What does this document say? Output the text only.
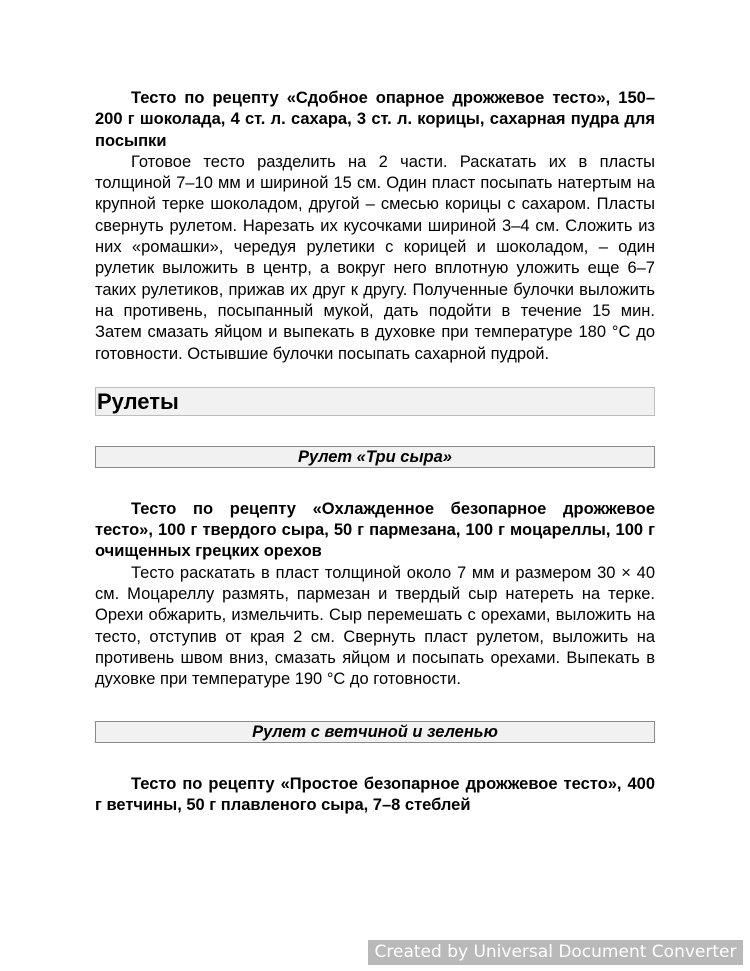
Тесто по рецепту «Сдобное опарное дрожжевое тесто», 150–200 г шоколада, 4 ст. л. сахара, 3 ст. л. корицы, сахарная пудра для посыпки

Готовое тесто разделить на 2 части. Раскатать их в пласты толщиной 7–10 мм и шириной 15 см. Один пласт посыпать натертым на крупной терке шоколадом, другой – смесью корицы с сахаром. Пласты свернуть рулетом. Нарезать их кусочками шириной 3–4 см. Сложить из них «ромашки», чередуя рулетики с корицей и шоколадом, – один рулетик выложить в центр, а вокруг него вплотную уложить еще 6–7 таких рулетиков, прижав их друг к другу. Полученные булочки выложить на противень, посыпанный мукой, дать подойти в течение 15 мин. Затем смазать яйцом и выпекать в духовке при температуре 180 °C до готовности. Остывшие булочки посыпать сахарной пудрой.

Рулеты
Рулет «Три сыра»

Тесто по рецепту «Охлажденное безопарное дрожжевое тесто», 100 г твердого сыра, 50 г пармезана, 100 г моцареллы, 100 г очищенных грецких орехов

Тесто раскатать в пласт толщиной около 7 мм и размером 30 × 40 см. Моцареллу размять, пармезан и твердый сыр натереть на терке. Орехи обжарить, измельчить. Сыр перемешать с орехами, выложить на тесто, отступив от края 2 см. Свернуть пласт рулетом, выложить на противень швом вниз, смазать яйцом и посыпать орехами. Выпекать в духовке при температуре 190 °C до готовности.

Рулет с ветчиной и зеленью

Тесто по рецепту «Простое безопарное дрожжевое тесто», 400 г ветчины, 50 г плавленого сыра, 7–8 стеблей

Created by Universal Document Converter
